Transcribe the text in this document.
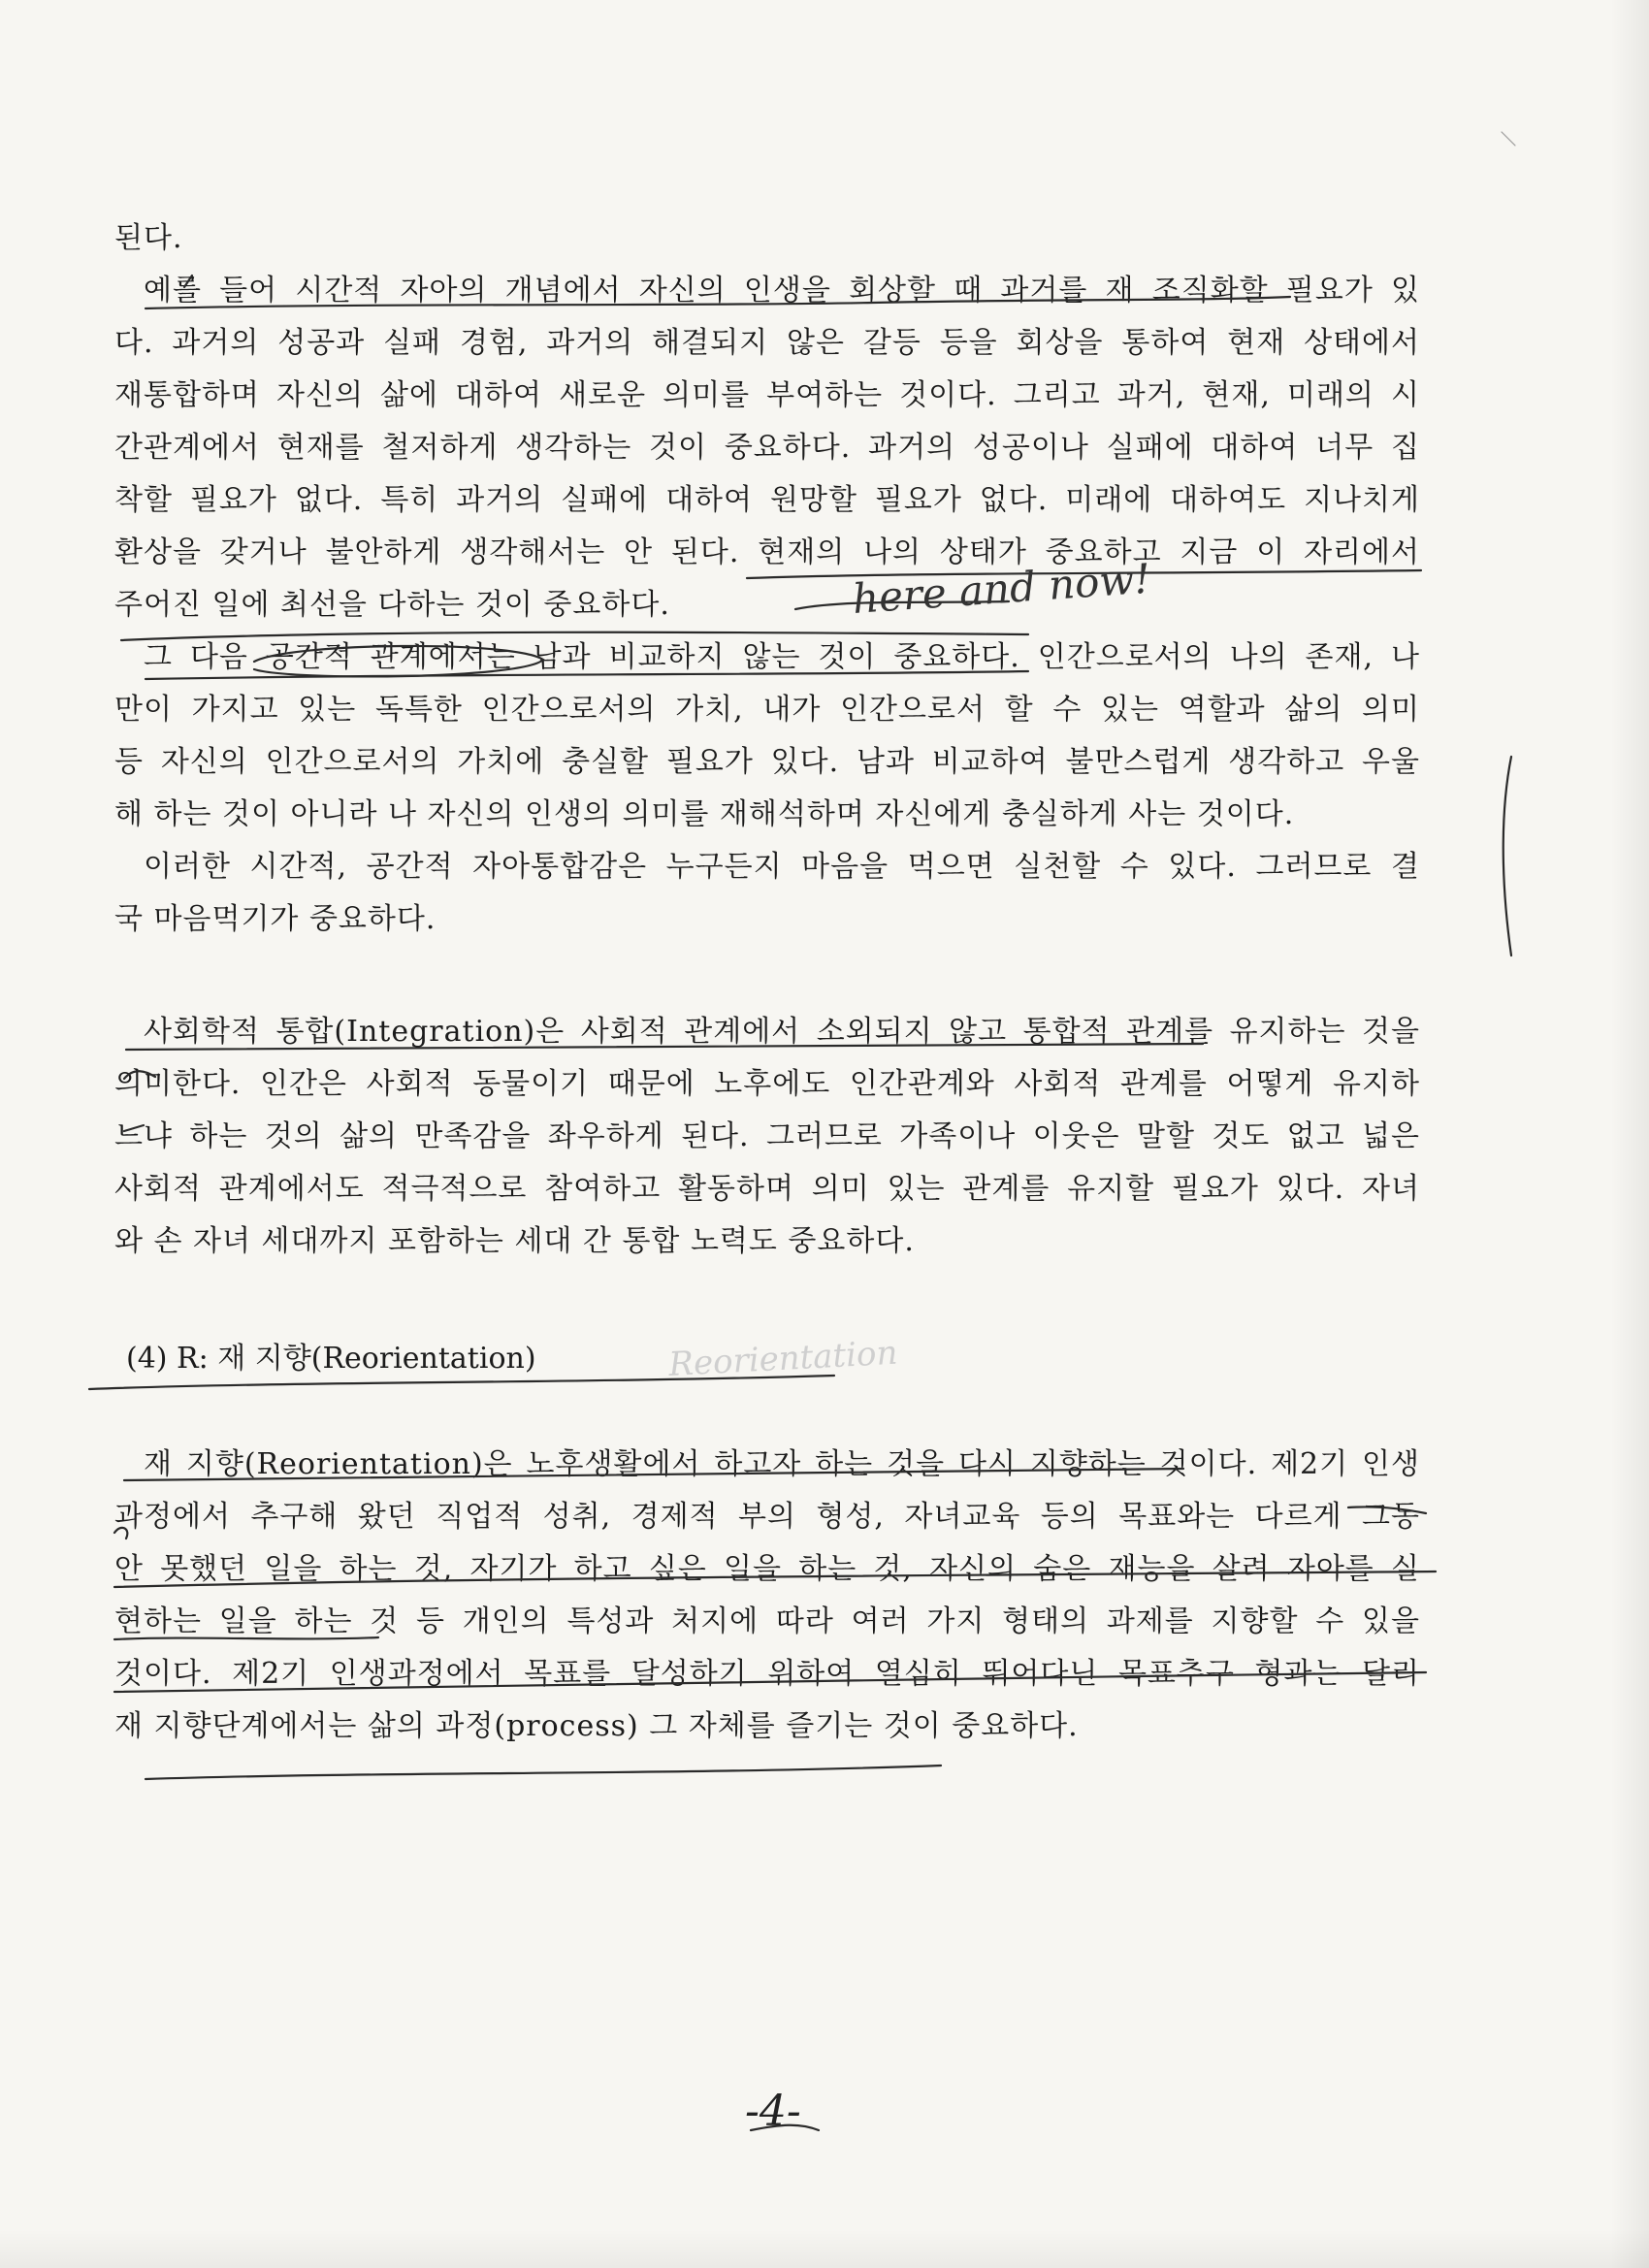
된다.
예를 들어 시간적 자아의 개념에서 자신의 인생을 회상할 때 과거를 재 조직화할 필요가 있
다. 과거의 성공과 실패 경험, 과거의 해결되지 않은 갈등 등을 회상을 통하여 현재 상태에서
재통합하며 자신의 삶에 대하여 새로운 의미를 부여하는 것이다. 그리고 과거, 현재, 미래의 시
간관계에서 현재를 철저하게 생각하는 것이 중요하다. 과거의 성공이나 실패에 대하여 너무 집
착할 필요가 없다. 특히 과거의 실패에 대하여 원망할 필요가 없다. 미래에 대하여도 지나치게
환상을 갖거나 불안하게 생각해서는 안 된다. 현재의 나의 상태가 중요하고 지금 이 자리에서
주어진 일에 최선을 다하는 것이 중요하다.
그 다음 공간적 관계에서는 남과 비교하지 않는 것이 중요하다. 인간으로서의 나의 존재, 나
만이 가지고 있는 독특한 인간으로서의 가치, 내가 인간으로서 할 수 있는 역할과 삶의 의미
등 자신의 인간으로서의 가치에 충실할 필요가 있다. 남과 비교하여 불만스럽게 생각하고 우울
해 하는 것이 아니라 나 자신의 인생의 의미를 재해석하며 자신에게 충실하게 사는 것이다.
이러한 시간적, 공간적 자아통합감은 누구든지 마음을 먹으면 실천할 수 있다. 그러므로 결
국 마음먹기가 중요하다.
사회학적 통합(Integration)은 사회적 관계에서 소외되지 않고 통합적 관계를 유지하는 것을
의미한다. 인간은 사회적 동물이기 때문에 노후에도 인간관계와 사회적 관계를 어떻게 유지하
느냐 하는 것의 삶의 만족감을 좌우하게 된다. 그러므로 가족이나 이웃은 말할 것도 없고 넓은
사회적 관계에서도 적극적으로 참여하고 활동하며 의미 있는 관계를 유지할 필요가 있다. 자녀
와 손 자녀 세대까지 포함하는 세대 간 통합 노력도 중요하다.
(4) R: 재 지향(Reorientation)
재 지향(Reorientation)은 노후생활에서 하고자 하는 것을 다시 지향하는 것이다. 제2기 인생
과정에서 추구해 왔던 직업적 성취, 경제적 부의 형성, 자녀교육 등의 목표와는 다르게 그동
안 못했던 일을 하는 것, 자기가 하고 싶은 일을 하는 것, 자신의 숨은 재능을 살려 자아를 실
현하는 일을 하는 것 등 개인의 특성과 처지에 따라 여러 가지 형태의 과제를 지향할 수 있을
것이다. 제2기 인생과정에서 목표를 달성하기 위하여 열심히 뛰어다닌 목표추구 형과는 달리
재 지향단계에서는 삶의 과정(process) 그 자체를 즐기는 것이 중요하다.
-4-
here and now!
Reorientation
